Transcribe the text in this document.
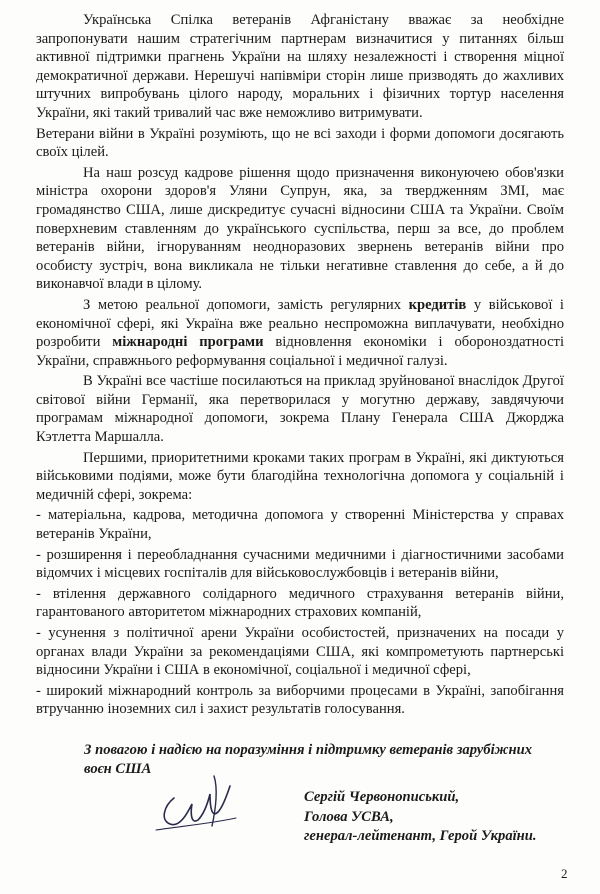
Українська Спілка ветеранів Афганістану вважає за необхідне запропонувати нашим стратегічним партнерам визначитися у питаннях більш активної підтримки прагнень України на шляху незалежності і створення міцної демократичної держави. Нерешучі напівміри сторін лише призводять до жахливих штучних випробувань цілого народу, моральних і фізичних тортур населення України, які такий тривалий час вже неможливо витримувати.

Ветерани війни в Україні розуміють, що не всі заходи і форми допомоги досягають своїх цілей.

На наш розсуд кадрове рішення щодо призначення виконуючею обов'язки міністра охорони здоров'я Уляни Супрун, яка, за твердженням ЗМІ, має громадянство США, лише дискредитує сучасні відносини США та України. Своїм поверхневим ставленням до українського суспільства, перш за все, до проблем ветеранів війни, ігноруванням неодноразових звернень ветеранів війни про особисту зустріч, вона викликала не тільки негативне ставлення до себе, а й до виконавчої влади в цілому.

З метою реальної допомоги, замість регулярних кредитів у військової і економічної сфері, які Україна вже реально неспроможна виплачувати, необхідно розробити міжнародні програми відновлення економіки і обороноздатності України, справжнього реформування соціальної і медичної галузі.

В Україні все частіше посилаються на приклад зруйнованої внаслідок Другої світової війни Германії, яка перетворилася у могутню державу, завдячуючи програмам міжнародної допомоги, зокрема Плану Генерала США Джорджа Кэтлетта Маршалла.

Першими, приоритетними кроками таких програм в Україні, які диктуються військовими подіями, може бути благодійна технологічна допомога у соціальній і медичній сфері, зокрема:

- матеріальна, кадрова, методична допомога у створенні Міністерства у справах ветеранів України,

- розширення і переобладнання сучасними медичними і діагностичними засобами відомчих і місцевих госпіталів для військовослужбовців і ветеранів війни,

- втілення державного солідарного медичного страхування ветеранів війни, гарантованого авторитетом міжнародних страхових компаній,

- усунення з політичної арени України особистостей, призначених на посади у органах влади України за рекомендаціями США, які компрометують партнерські відносини України і США в економічної, соціальної і медичної сфері,

- широкий міжнародний контроль за виборчими процесами в Україні, запобігання втручанню іноземних сил і захист результатів голосування.

З повагою і надією на поразуміння і підтримку ветеранів зарубіжних воєн США
Сергій Червонописький,
Голова УСВА,
генерал-лейтенант, Герой України.
2
